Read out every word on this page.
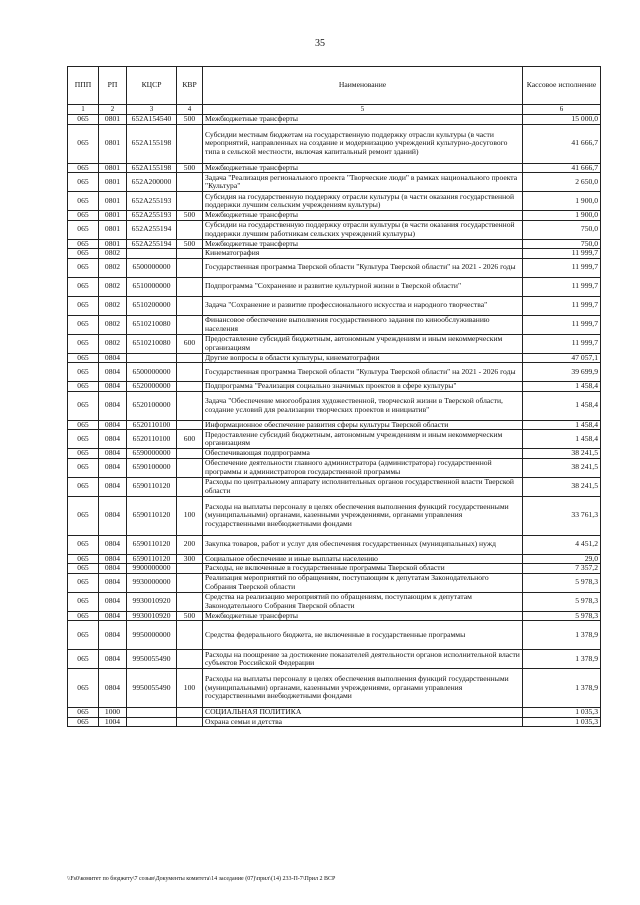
35
ППП	РП	КЦСР	КВР	Наименование	Кассовое исполнение
1	2	3	4	5	6
065	0801	652А154540	500	Межбюджетные трансферты	15 000,0
065	0801	652А155198		Субсидии местным бюджетам на государственную поддержку отрасли культуры (в части мероприятий, направленных на создание и модернизацию учреждений культурно-досугового типа в сельской местности, включая капитальный ремонт зданий)	41 666,7
065	0801	652А155198	500	Межбюджетные трансферты	41 666,7
065	0801	652А200000		Задача "Реализация регионального проекта "Творческие люди" в рамках национального проекта "Культура"	2 650,0
065	0801	652А255193		Субсидия на государственную поддержку отрасли культуры (в части оказания государственной поддержки лучшим сельским учреждениям культуры)	1 900,0
065	0801	652А255193	500	Межбюджетные трансферты	1 900,0
065	0801	652А255194		Субсидии на государственную поддержку отрасли культуры (в части оказания государственной поддержки лучшим работникам сельских учреждений культуры)	750,0
065	0801	652А255194	500	Межбюджетные трансферты	750,0
065	0802			Кинематография	11 999,7
065	0802	6500000000		Государственная программа Тверской области "Культура Тверской области" на 2021 - 2026 годы	11 999,7
065	0802	6510000000		Подпрограмма "Сохранение и развитие культурной жизни в Тверской области"	11 999,7
065	0802	6510200000		Задача "Сохранение и развитие профессионального искусства и народного творчества"	11 999,7
065	0802	6510210080		Финансовое обеспечение выполнения государственного задания по кинообслуживанию населения	11 999,7
065	0802	6510210080	600	Предоставление субсидий бюджетным, автономным учреждениям и иным некоммерческим организациям	11 999,7
065	0804			Другие вопросы в области культуры, кинематографии	47 057,1
065	0804	6500000000		Государственная программа Тверской области "Культура Тверской области" на 2021 - 2026 годы	39 699,9
065	0804	6520000000		Подпрограмма "Реализация социально значимых проектов в сфере культуры"	1 458,4
065	0804	6520100000		Задача "Обеспечение многообразия художественной, творческой жизни в Тверской области, создание условий для реализации творческих проектов и инициатив"	1 458,4
065	0804	6520110100		Информационное обеспечение развития сферы культуры Тверской области	1 458,4
065	0804	6520110100	600	Предоставление субсидий бюджетным, автономным учреждениям и иным некоммерческим организациям	1 458,4
065	0804	6590000000		Обеспечивающая подпрограмма	38 241,5
065	0804	6590100000		Обеспечение деятельности главного администратора (администратора) государственной программы и администраторов государственной программы	38 241,5
065	0804	6590110120		Расходы по центральному аппарату исполнительных органов государственной власти Тверской области	38 241,5
065	0804	6590110120	100	Расходы на выплаты персоналу в целях обеспечения выполнения функций государственными (муниципальными) органами, казенными учреждениями, органами управления государственными внебюджетными фондами	33 761,3
065	0804	6590110120	200	Закупка товаров, работ и услуг для обеспечения государственных (муниципальных) нужд	4 451,2
065	0804	6590110120	300	Социальное обеспечение и иные выплаты населению	29,0
065	0804	9900000000		Расходы, не включенные в государственные программы Тверской области	7 357,2
065	0804	9930000000		Реализация мероприятий по обращениям, поступающим к депутатам Законодательного Собрания Тверской области	5 978,3
065	0804	9930010920		Средства на реализацию мероприятий по обращениям, поступающим к депутатам Законодательного Собрания Тверской области	5 978,3
065	0804	9930010920	500	Межбюджетные трансферты	5 978,3
065	0804	9950000000		Средства федерального бюджета, не включенные в государственные программы	1 378,9
065	0804	9950055490		Расходы на поощрение за достижение показателей деятельности органов исполнительной власти субъектов Российской Федерации	1 378,9
065	0804	9950055490	100	Расходы на выплаты персоналу в целях обеспечения выполнения функций государственными (муниципальными) органами, казенными учреждениями, органами управления государственными внебюджетными фондами	1 378,9
065	1000			СОЦИАЛЬНАЯ ПОЛИТИКА	1 035,3
065	1004			Охрана семьи и детства	1 035,3
\\Fs0\комитет по бюджету\7 созыв\Документы комитета\14 заседание (07)\прил\(14) 233-П-7\Прил 2 ВСР
